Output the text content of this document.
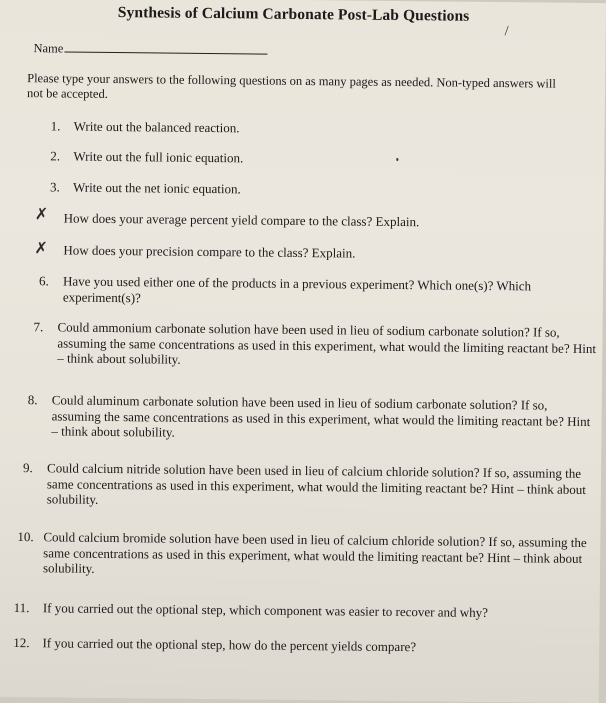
Synthesis of Calcium Carbonate Post-Lab Questions
/
Name
Please type your answers to the following questions on as many pages as needed. Non-typed answers will not be accepted.
1. Write out the balanced reaction.
2. Write out the full ionic equation.
3. Write out the net ionic equation.
✗ How does your average percent yield compare to the class? Explain.
✗ How does your precision compare to the class? Explain.
6. Have you used either one of the products in a previous experiment? Which one(s)? Which experiment(s)?
7. Could ammonium carbonate solution have been used in lieu of sodium carbonate solution? If so, assuming the same concentrations as used in this experiment, what would the limiting reactant be? Hint – think about solubility.
8. Could aluminum carbonate solution have been used in lieu of sodium carbonate solution? If so, assuming the same concentrations as used in this experiment, what would the limiting reactant be? Hint – think about solubility.
9. Could calcium nitride solution have been used in lieu of calcium chloride solution? If so, assuming the same concentrations as used in this experiment, what would the limiting reactant be? Hint – think about solubility.
10. Could calcium bromide solution have been used in lieu of calcium chloride solution? If so, assuming the same concentrations as used in this experiment, what would the limiting reactant be? Hint – think about solubility.
11. If you carried out the optional step, which component was easier to recover and why?
12. If you carried out the optional step, how do the percent yields compare?
